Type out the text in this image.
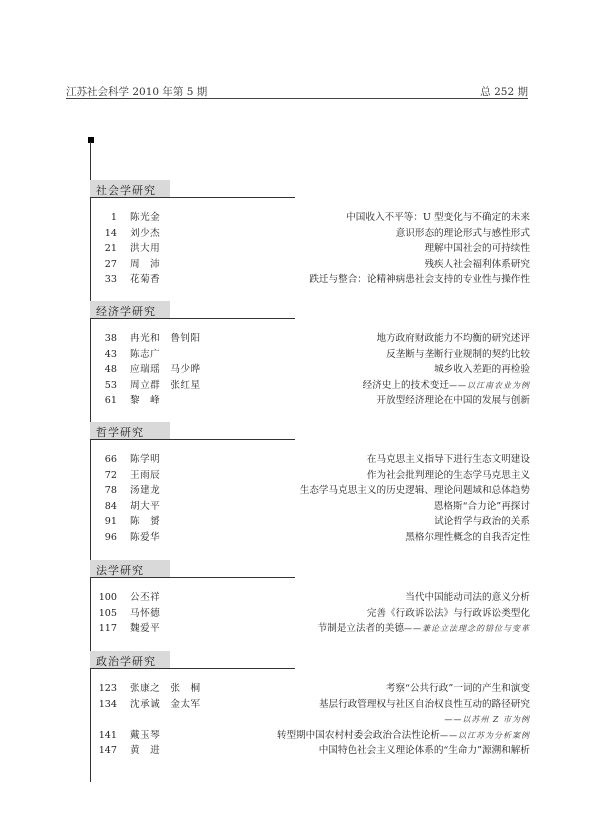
江苏社会科学 2010 年第 5 期	总 252 期
社会学研究
1 陈光金	中国收入不平等：U 型变化与不确定的未来
14 刘少杰	意识形态的理论形式与感性形式
21 洪大用	理解中国社会的可持续性
27 周　沛	残疾人社会福利体系研究
33 花菊香	跌迁与整合：论精神病患社会支持的专业性与操作性
经济学研究
38 冉光和　鲁钊阳	地方政府财政能力不均衡的研究述评
43 陈志广	反垄断与垄断行业规制的契约比较
48 应瑞瑶　马少晔	城乡收入差距的再检验
53 周立群　张红星	经济史上的技术变迁——以江南农业为例
61 黎　峰	开放型经济理论在中国的发展与创新
哲学研究
66 陈学明	在马克思主义指导下进行生态文明建设
72 王雨辰	作为社会批判理论的生态学马克思主义
78 汤建龙	生态学马克思主义的历史逻辑、理论问题域和总体趋势
84 胡大平	恩格斯“合力论”再探讨
91 陈　赟	试论哲学与政治的关系
96 陈爱华	黑格尔理性概念的自我否定性
法学研究
100 公丕祥	当代中国能动司法的意义分析
105 马怀德	完善《行政诉讼法》与行政诉讼类型化
117 魏爱平	节制是立法者的美德——兼论立法理念的错位与变革
政治学研究
123 张康之　张　桐	考察“公共行政”一词的产生和演变
134 沈承诚　金太军	基层行政管理权与社区自治权良性互动的路径研究
——以苏州 Z 市为例
141 戴玉琴	转型期中国农村村委会政治合法性论析——以江苏为分析案例
147 黄　进	中国特色社会主义理论体系的“生命力”源溯和解析
